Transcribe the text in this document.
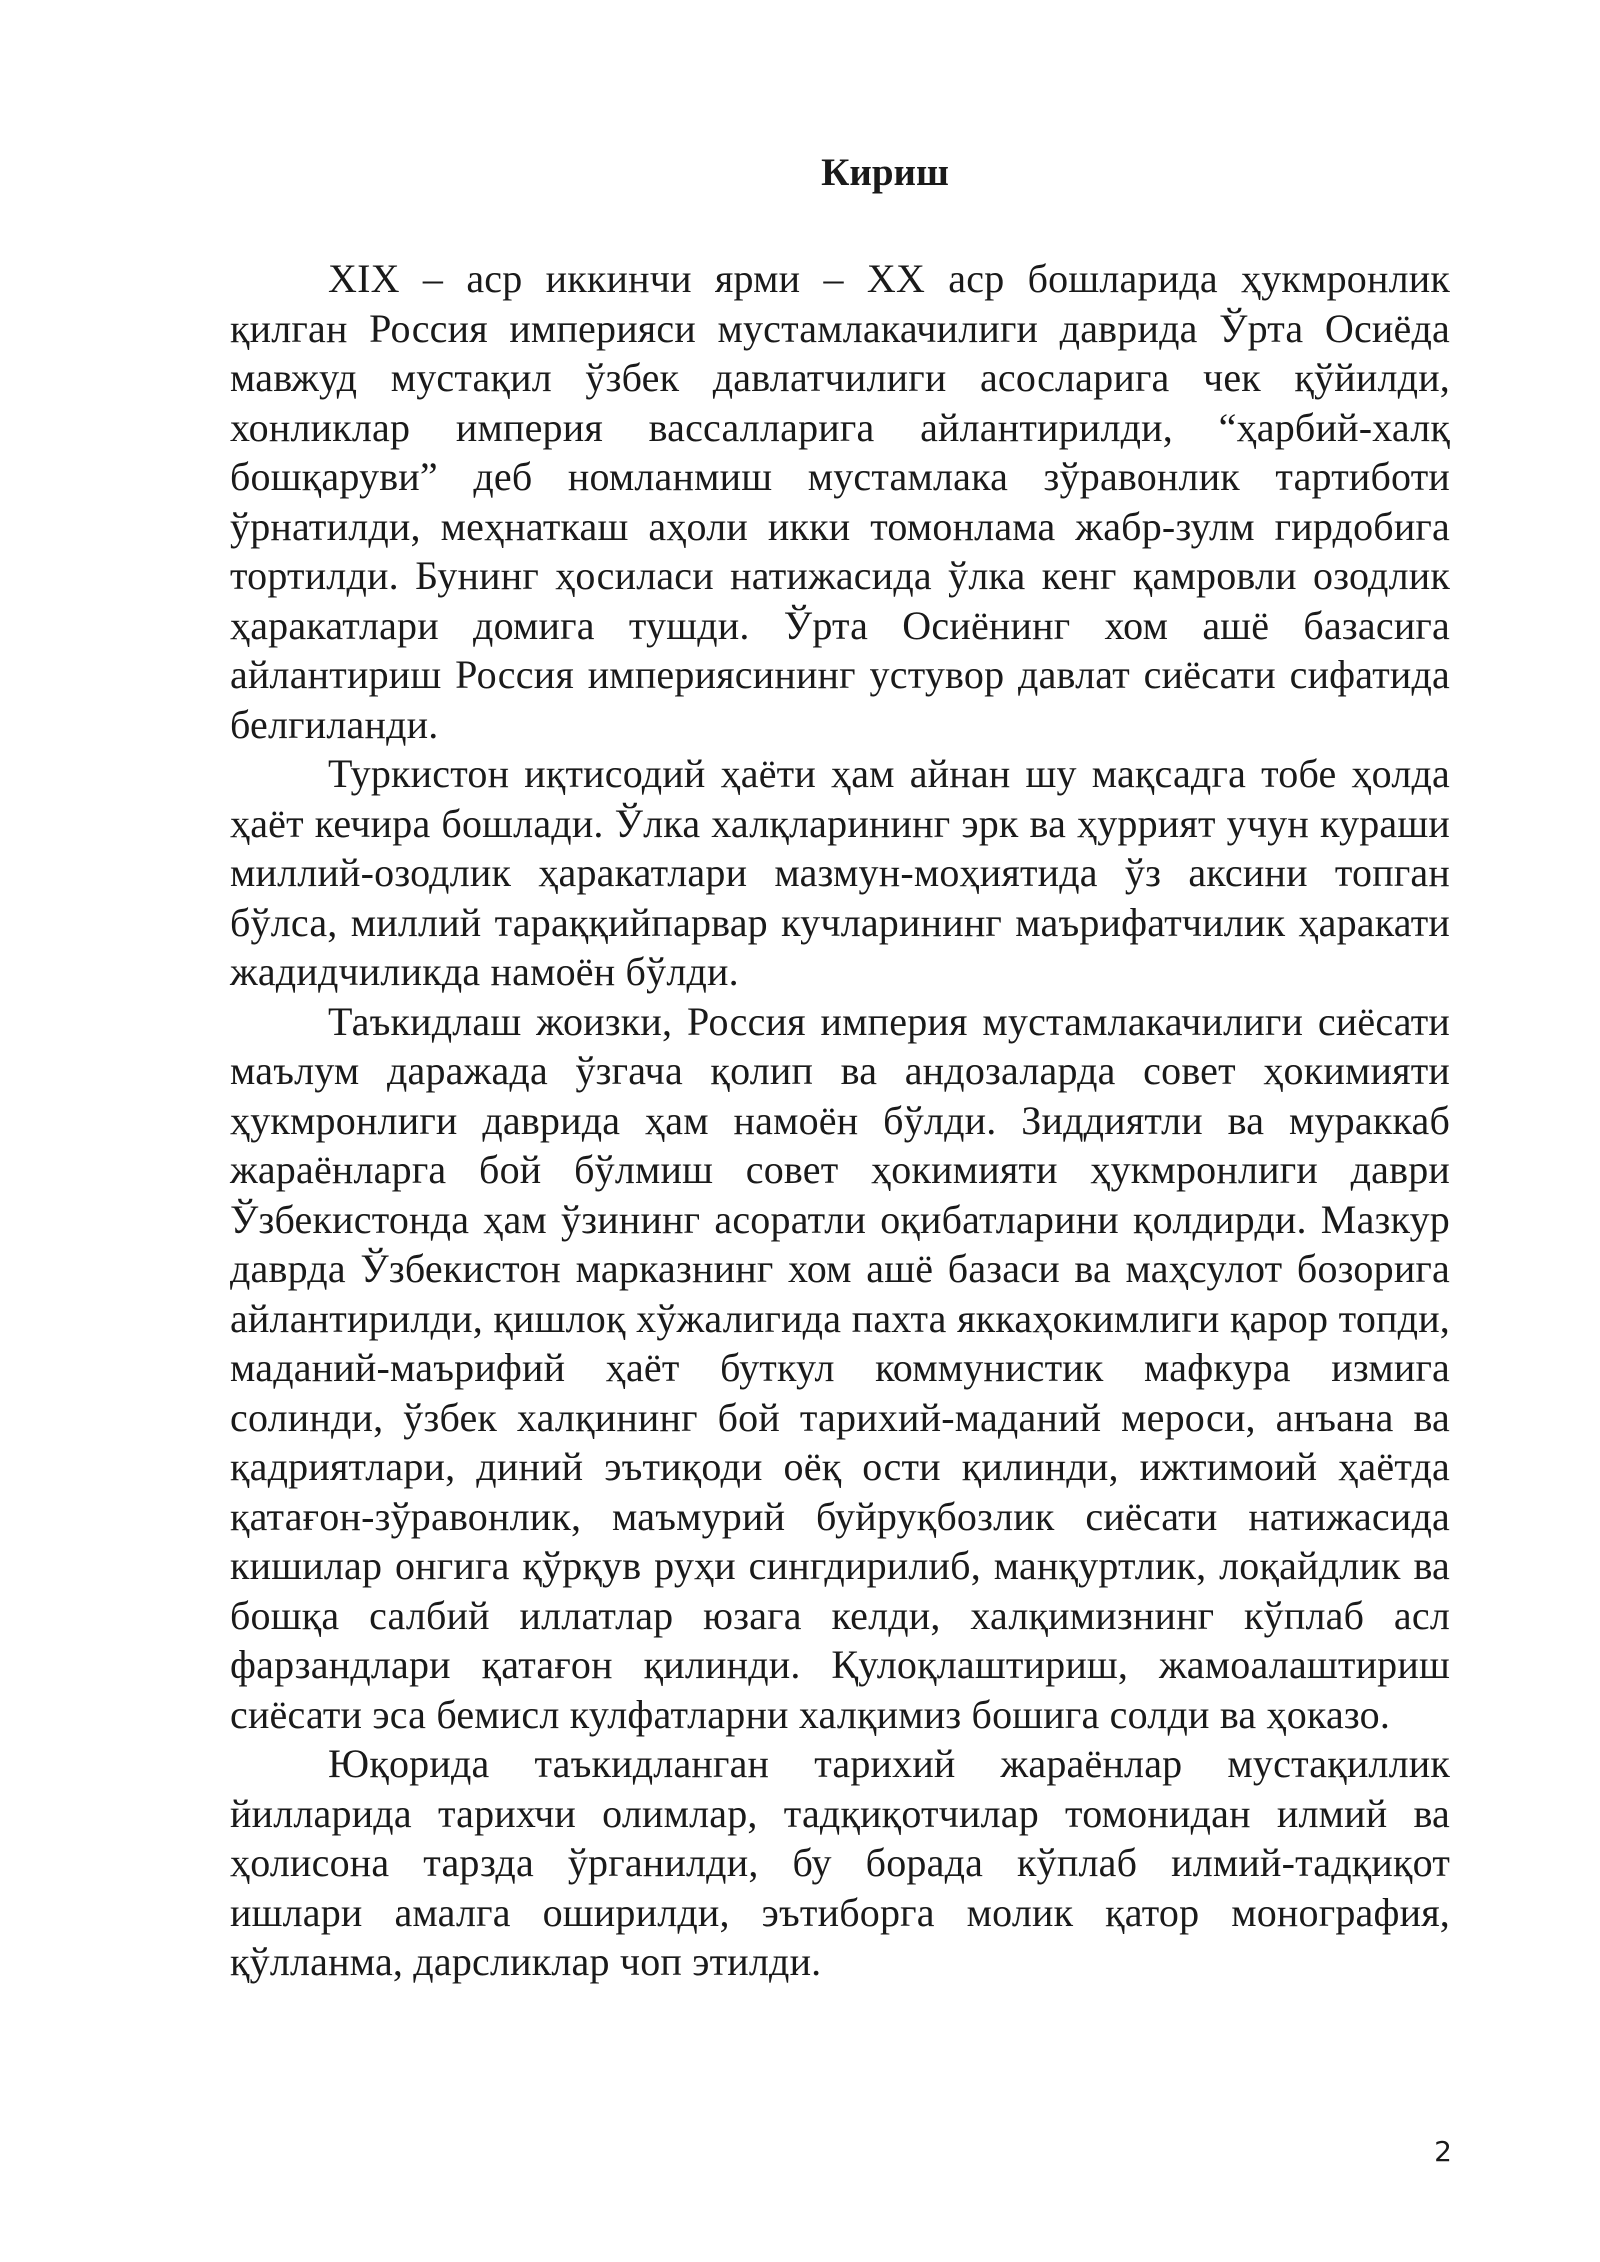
Кириш

XIX – аср иккинчи ярми – XX аср бошларида ҳукмронлик қилган Россия империяси мустамлакачилиги даврида Ўрта Осиёда мавжуд мустақил ўзбек давлатчилиги асосларига чек қўйилди, хонликлар империя вассалларига айлантирилди, “ҳарбий-халқ бошқаруви” деб номланмиш мустамлака зўравонлик тартиботи ўрнатилди, меҳнаткаш аҳоли икки томонлама жабр-зулм гирдобига тортилди. Бунинг ҳосиласи натижасида ўлка кенг қамровли озодлик ҳаракатлари домига тушди. Ўрта Осиёнинг хом ашё базасига айлантириш Россия империясининг устувор давлат сиёсати сифатида белгиланди.

Туркистон иқтисодий ҳаёти ҳам айнан шу мақсадга тобе ҳолда ҳаёт кечира бошлади. Ўлка халқларининг эрк ва ҳуррият учун кураши миллий-озодлик ҳаракатлари мазмун-моҳиятида ўз аксини топган бўлса, миллий тараққийпарвар кучларининг маърифатчилик ҳаракати жадидчиликда намоён бўлди.

Таъкидлаш жоизки, Россия империя мустамлакачилиги сиёсати маълум даражада ўзгача қолип ва андозаларда совет ҳокимияти ҳукмронлиги даврида ҳам намоён бўлди. Зиддиятли ва мураккаб жараёнларга бой бўлмиш совет ҳокимияти ҳукмронлиги даври Ўзбекистонда ҳам ўзининг асоратли оқибатларини қолдирди. Мазкур даврда Ўзбекистон марказнинг хом ашё базаси ва маҳсулот бозорига айлантирилди, қишлоқ хўжалигида пахта яккаҳокимлиги қарор топди, маданий-маърифий ҳаёт буткул коммунистик мафкура измига солинди, ўзбек халқининг бой тарихий-маданий мероси, анъана ва қадриятлари, диний эътиқоди оёқ ости қилинди, ижтимоий ҳаётда қатағон-зўравонлик, маъмурий буйруқбозлик сиёсати натижасида кишилар онгига қўрқув руҳи сингдирилиб, манқуртлик, лоқайдлик ва бошқа салбий иллатлар юзага келди, халқимизнинг кўплаб асл фарзандлари қатағон қилинди. Қулоқлаштириш, жамоалаштириш сиёсати эса бемисл кулфатларни халқимиз бошига солди ва ҳоказо.

Юқорида таъкидланган тарихий жараёнлар мустақиллик йилларида тарихчи олимлар, тадқиқотчилар томонидан илмий ва ҳолисона тарзда ўрганилди, бу борада кўплаб илмий-тадқиқот ишлари амалга оширилди, эътиборга молик қатор монография, қўлланма, дарсликлар чоп этилди.

2
